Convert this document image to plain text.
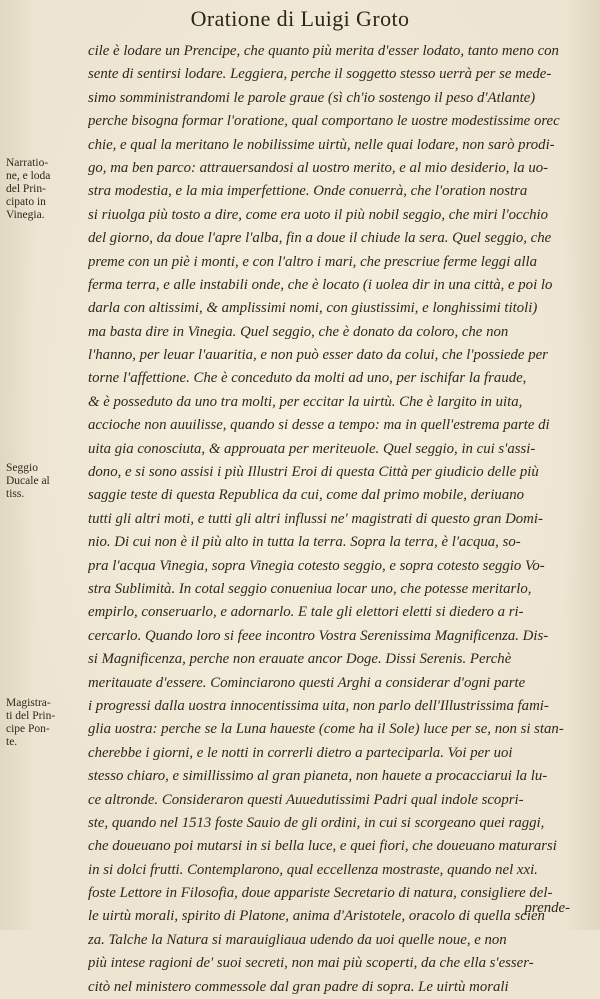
Oratione di Luigi Groto
cile è lodare un Prencipe, che quanto più merita d'esser lodato, tanto meno con
sente di sentirsi lodare. Leggiera, perche il soggetto stesso uerrà per se mede-
simo somministrandomi le parole graue (sì ch'io sostengo il peso d'Atlante)
perche bisogna formar l'oratione, qual comportano le uostre modestissime orec
chie, e qual la meritano le nobilissime uirtù, nelle quai lodare, non sarò prodi-
go, ma ben parco: attrauersandosi al uostro merito, e al mio desiderio, la uo-
stra modestia, e la mia imperfettione. Onde conuerrà, che l'oration nostra
si riuolga più tosto a dire, come era uoto il più nobil seggio, che miri l'occhio
del giorno, da doue l'apre l'alba, fin a doue il chiude la sera. Quel seggio, che
preme con un piè i monti, e con l'altro i mari, che prescriue ferme leggi alla
ferma terra, e alle instabili onde, che è locato (i uolea dir in una città, e poi lo
darla con altissimi, & amplissimi nomi, con giustissimi, e longhissimi titoli)
ma basta dire in Vinegia. Quel seggio, che è donato da coloro, che non
l'hanno, per leuar l'auaritia, e non può esser dato da colui, che l'possiede per
torne l'affettione. Che è conceduto da molti ad uno, per ischifar la fraude,
& è posseduto da uno tra molti, per eccitar la uirtù. Che è largito in uita,
accioche non auuilisse, quando si desse a tempo: ma in quell'estrema parte di
uita gia conosciuta, & approuata per meriteuole. Quel seggio, in cui s'assi-
dono, e si sono assisi i più Illustri Eroi di questa Città per giudicio delle più
saggie teste di questa Republica da cui, come dal primo mobile, deriuano
tutti gli altri moti, e tutti gli altri influssi ne' magistrati di questo gran Domi-
nio. Di cui non è il più alto in tutta la terra. Sopra la terra, è l'acqua, so-
pra l'acqua Vinegia, sopra Vinegia cotesto seggio, e sopra cotesto seggio Vo-
stra Sublimità. In cotal seggio conueniua locar uno, che potesse meritarlo,
empirlo, conseruarlo, e adornarlo. E tale gli elettori eletti si diedero a ri-
cercarlo. Quando loro si feee incontro Vostra Serenissima Magnificenza. Dis-
si Magnificenza, perche non erauate ancor Doge. Dissi Serenis. Perchè
meritauate d'essere. Cominciarono questi Arghi a considerar d'ogni parte
i progressi dalla uostra innocentissima uita, non parlo dell'Illustrissima fami-
glia uostra: perche se la Luna haueste (come ha il Sole) luce per se, non si stan-
cherebbe i giorni, e le notti in correrli dietro a parteciparla. Voi per uoi
stesso chiaro, e simillissimo al gran pianeta, non hauete a procacciarui la lu-
ce altronde. Consideraron questi Auuedutissimi Padri qual indole scopri-
ste, quando nel 1513 foste Sauio de gli ordini, in cui si scorgeano quei raggi,
che doueuano poi mutarsi in si bella luce, e quei fiori, che doueuano maturarsi
in si dolci frutti. Contemplarono, qual eccellenza mostraste, quando nel xxi.
foste Lettore in Filosofia, doue appariste Secretario di natura, consigliere del-
le uirtù morali, spirito di Platone, anima d'Aristotele, oracolo di quella scien
za. Talche la Natura si marauigliaua udendo da uoi quelle noue, e non
più intese ragioni de' suoi secreti, non mai più scoperti, da che ella s'esser-
citò nel ministero commessole dal gran padre di sopra. Le uirtù morali
Narratio-
ne, e loda
del Prin-
cipato in
Vinegia.
Seggio
Ducale al
tiss.
Magistra-
ti del Prin-
cipe Pon-
te.
prende-
